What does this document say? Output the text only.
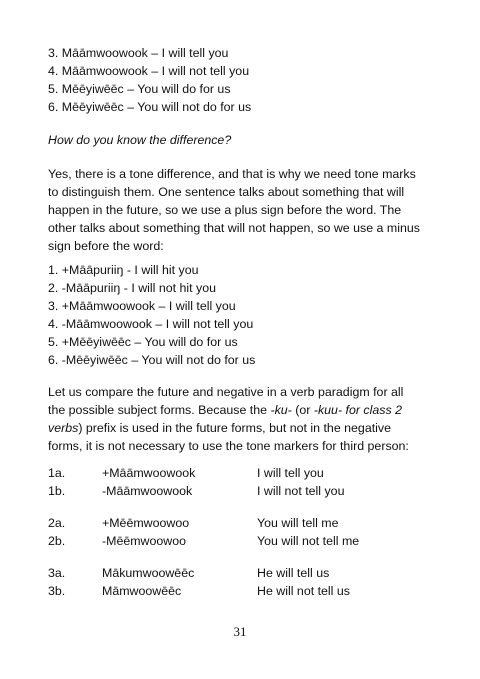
3. Māāmwoowook – I will tell you
4. Māāmwoowook – I will not tell you
5. Mēēyiwēēc – You will do for us
6. Mēēyiwēēc – You will not do for us
How do you know the difference?
Yes, there is a tone difference, and that is why we need tone marks
to distinguish them. One sentence talks about something that will
happen in the future, so we use a plus sign before the word. The
other talks about something that will not happen, so we use a minus
sign before the word:
1. +Māāpuriiŋ - I will hit you
2. -Māāpuriiŋ - I will not hit you
3. +Māāmwoowook – I will tell you
4. -Māāmwoowook – I will not tell you
5. +Mēēyiwēēc – You will do for us
6. -Mēēyiwēēc – You will not do for us
Let us compare the future and negative in a verb paradigm for all
the possible subject forms. Because the -ku- (or -kuu- for class 2
verbs) prefix is used in the future forms, but not in the negative
forms, it is not necessary to use the tone markers for third person:
1a.	+Māāmwoowook	I will tell you
1b.	-Māāmwoowook	I will not tell you
2a.	+Mēēmwoowoo	You will tell me
2b.	-Mēēmwoowoo	You will not tell me
3a.	Mākumwoowēēc	He will tell us
3b.	Māmwoowēēc	He will not tell us
31
